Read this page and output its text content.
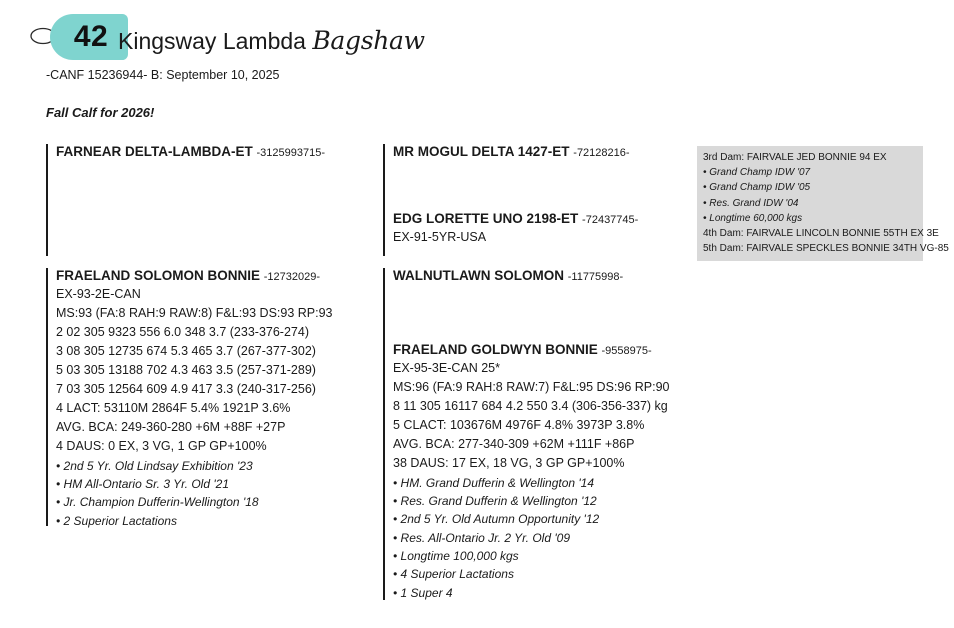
42 Kingsway Lambda Bagshaw
-CANF 15236944- B: September 10, 2025
Fall Calf for 2026!
FARNEAR DELTA-LAMBDA-ET -3125993715-
FRAELAND SOLOMON BONNIE -12732029-
EX-93-2E-CAN
MS:93 (FA:8 RAH:9 RAW:8) F&L:93 DS:93 RP:93
2 02 305 9323 556 6.0 348 3.7 (233-376-274)
3 08 305 12735 674 5.3 465 3.7 (267-377-302)
5 03 305 13188 702 4.3 463 3.5 (257-371-289)
7 03 305 12564 609 4.9 417 3.3 (240-317-256)
4 LACT: 53110M 2864F 5.4% 1921P 3.6%
AVG. BCA: 249-360-280 +6M +88F +27P
4 DAUS: 0 EX, 3 VG, 1 GP GP+100%
• 2nd 5 Yr. Old Lindsay Exhibition '23
• HM All-Ontario Sr. 3 Yr. Old '21
• Jr. Champion Dufferin-Wellington '18
• 2 Superior Lactations
MR MOGUL DELTA 1427-ET -72128216-
EDG LORETTE UNO 2198-ET -72437745-
EX-91-5YR-USA
WALNUTLAWN SOLOMON -11775998-
FRAELAND GOLDWYN BONNIE -9558975-
EX-95-3E-CAN 25*
MS:96 (FA:9 RAH:8 RAW:7) F&L:95 DS:96 RP:90
8 11 305 16117 684 4.2 550 3.4 (306-356-337) kg
5 CLACT: 103676M 4976F 4.8% 3973P 3.8%
AVG. BCA: 277-340-309 +62M +111F +86P
38 DAUS: 17 EX, 18 VG, 3 GP GP+100%
• HM. Grand Dufferin & Wellington '14
• Res. Grand Dufferin & Wellington '12
• 2nd 5 Yr. Old Autumn Opportunity '12
• Res. All-Ontario Jr. 2 Yr. Old '09
• Longtime 100,000 kgs
• 4 Superior Lactations
• 1 Super 4
3rd Dam: FAIRVALE JED BONNIE 94 EX
• Grand Champ IDW '07
• Grand Champ IDW '05
• Res. Grand IDW '04
• Longtime 60,000 kgs
4th Dam: FAIRVALE LINCOLN BONNIE 55TH EX 3E
5th Dam: FAIRVALE SPECKLES BONNIE 34TH VG-85
